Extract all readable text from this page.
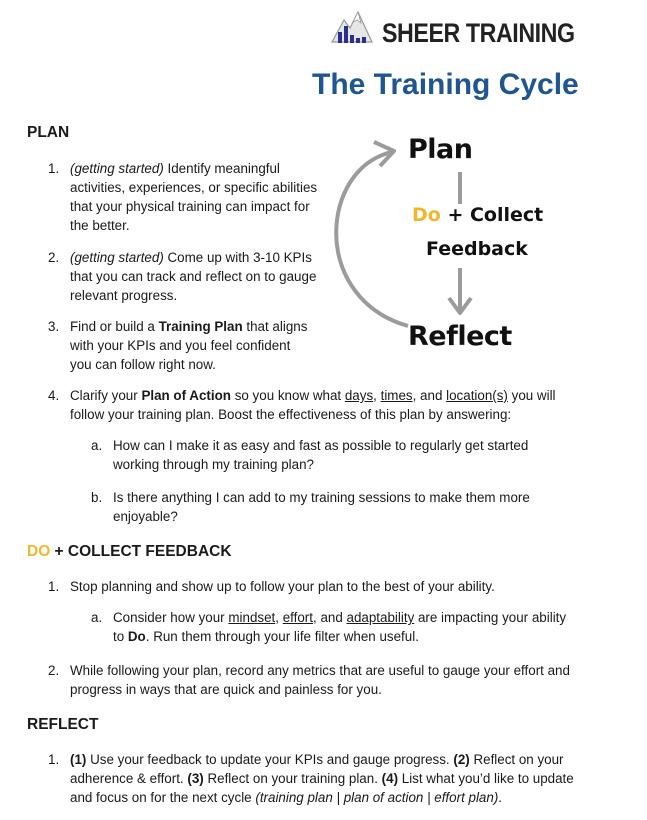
SHEER TRAINING
The Training Cycle
Plan
Do + Collect
Feedback
Reflect
PLAN
1. (getting started) Identify meaningful activities, experiences, or specific abilities that your physical training can impact for the better.
2. (getting started) Come up with 3-10 KPIs that you can track and reflect on to gauge relevant progress.
3. Find or build a Training Plan that aligns with your KPIs and you feel confident you can follow right now.
4. Clarify your Plan of Action so you know what days, times, and location(s) you will follow your training plan. Boost the effectiveness of this plan by answering:
a. How can I make it as easy and fast as possible to regularly get started working through my training plan?
b. Is there anything I can add to my training sessions to make them more enjoyable?
DO + COLLECT FEEDBACK
1. Stop planning and show up to follow your plan to the best of your ability.
a. Consider how your mindset, effort, and adaptability are impacting your ability to Do. Run them through your life filter when useful.
2. While following your plan, record any metrics that are useful to gauge your effort and progress in ways that are quick and painless for you.
REFLECT
1. (1) Use your feedback to update your KPIs and gauge progress. (2) Reflect on your adherence & effort. (3) Reflect on your training plan. (4) List what you’d like to update and focus on for the next cycle (training plan | plan of action | effort plan).
